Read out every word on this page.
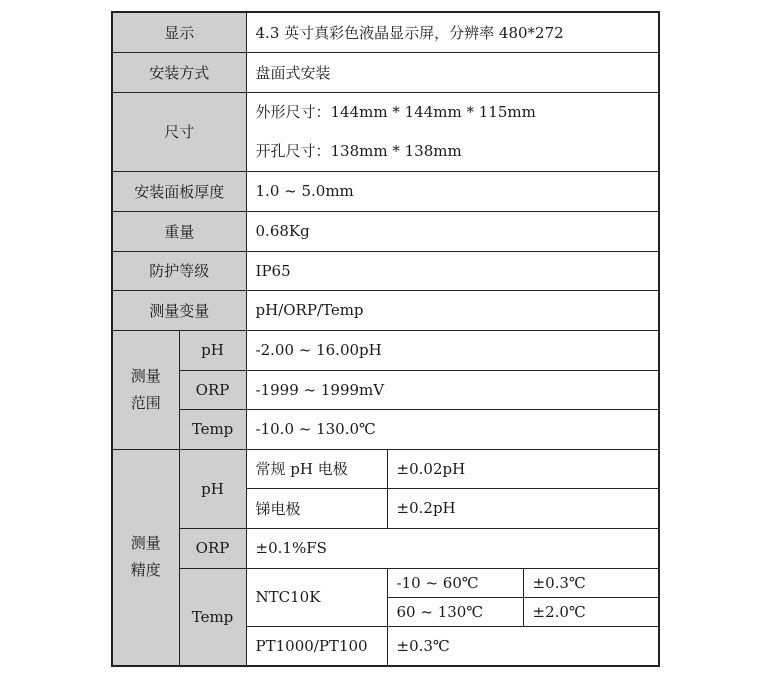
显示		4.3 英寸真彩色液晶显示屏，分辨率 480*272		
安装方式		盘面式安装		
尺寸		外形尺寸：144mm * 144mm * 115mm
开孔尺寸：138mm * 138mm		

安装面板厚度		1.0 ~ 5.0mm		
重量		0.68Kg		
防护等级		IP65		
测量变量		pH/ORP/Temp		
测量
范围	pH	-2.00 ~ 16.00pH		
	ORP	-1999 ~ 1999mV		
	Temp	-10.0 ~ 130.0℃		
测量
精度	pH	常规 pH 电极	±0.02pH	
		锑电极	±0.2pH	
	ORP	±0.1%FS		
	Temp	NTC10K	-10 ~ 60℃	±0.3℃
			60 ~ 130℃	±2.0℃
		PT1000/PT100	±0.3℃	
